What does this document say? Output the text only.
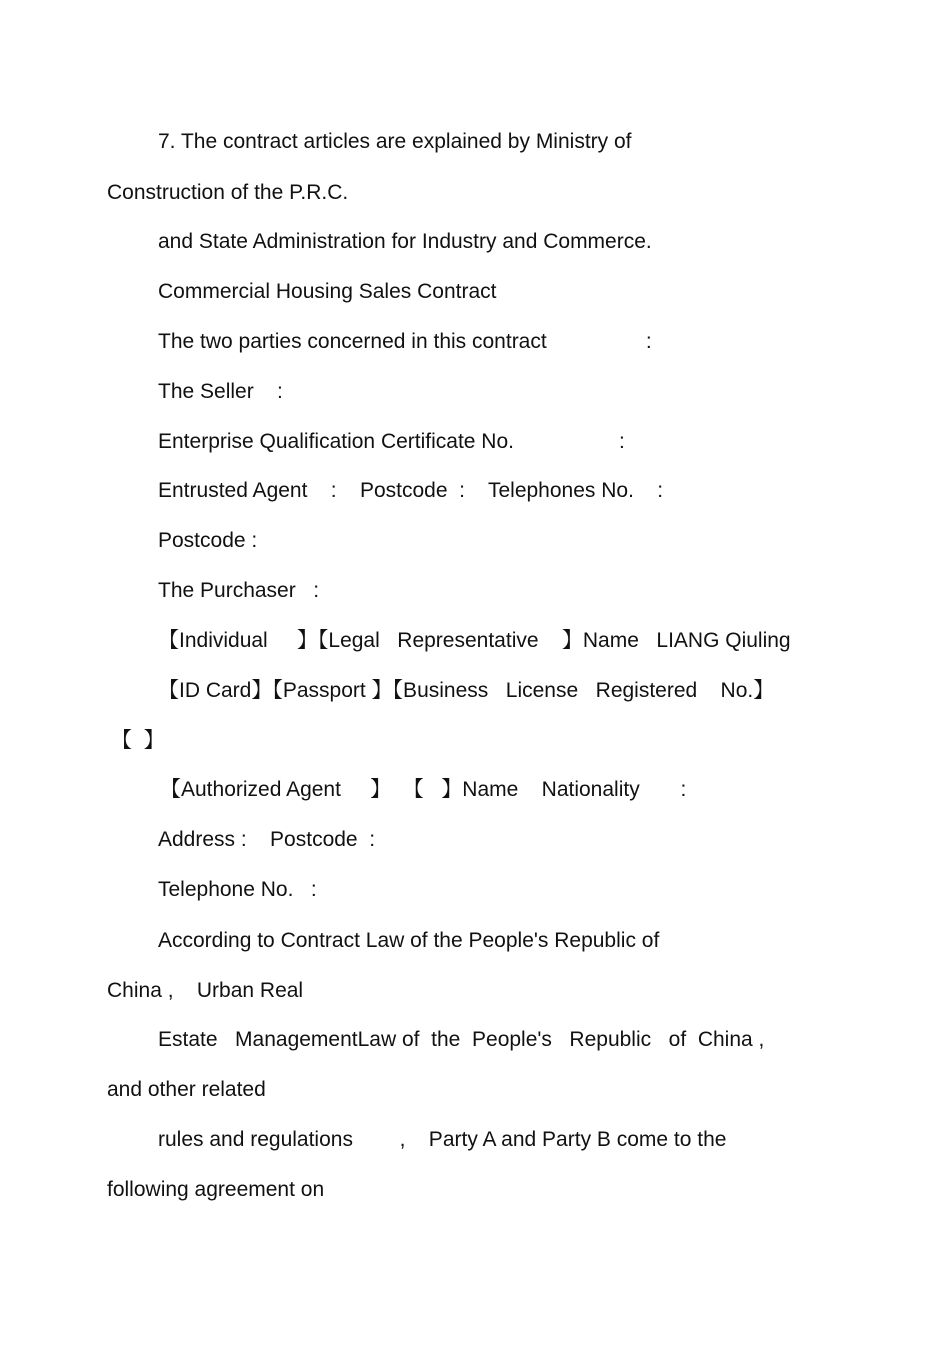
7. The contract articles are explained by Ministry of

Construction of the P.R.C.

and State Administration for Industry and Commerce.

Commercial Housing Sales Contract

The two parties concerned in this contract                 :

The Seller    :

Enterprise Qualification Certificate No.                  :

Entrusted Agent    :    Postcode  :    Telephones No.    :

Postcode :

The Purchaser   :

【Individual     】【Legal   Representative    】Name   LIANG Qiuling

【ID Card】【Passport 】【Business   License   Registered    No.】

【  】

【Authorized Agent     】  【   】Name    Nationality       :

Address :    Postcode  :

Telephone No.   :

According to Contract Law of the People's Republic of

China ,    Urban Real

Estate   ManagementLaw of  the  People's   Republic   of  China ,

and other related

rules and regulations        ,    Party A and Party B come to the

following agreement on
